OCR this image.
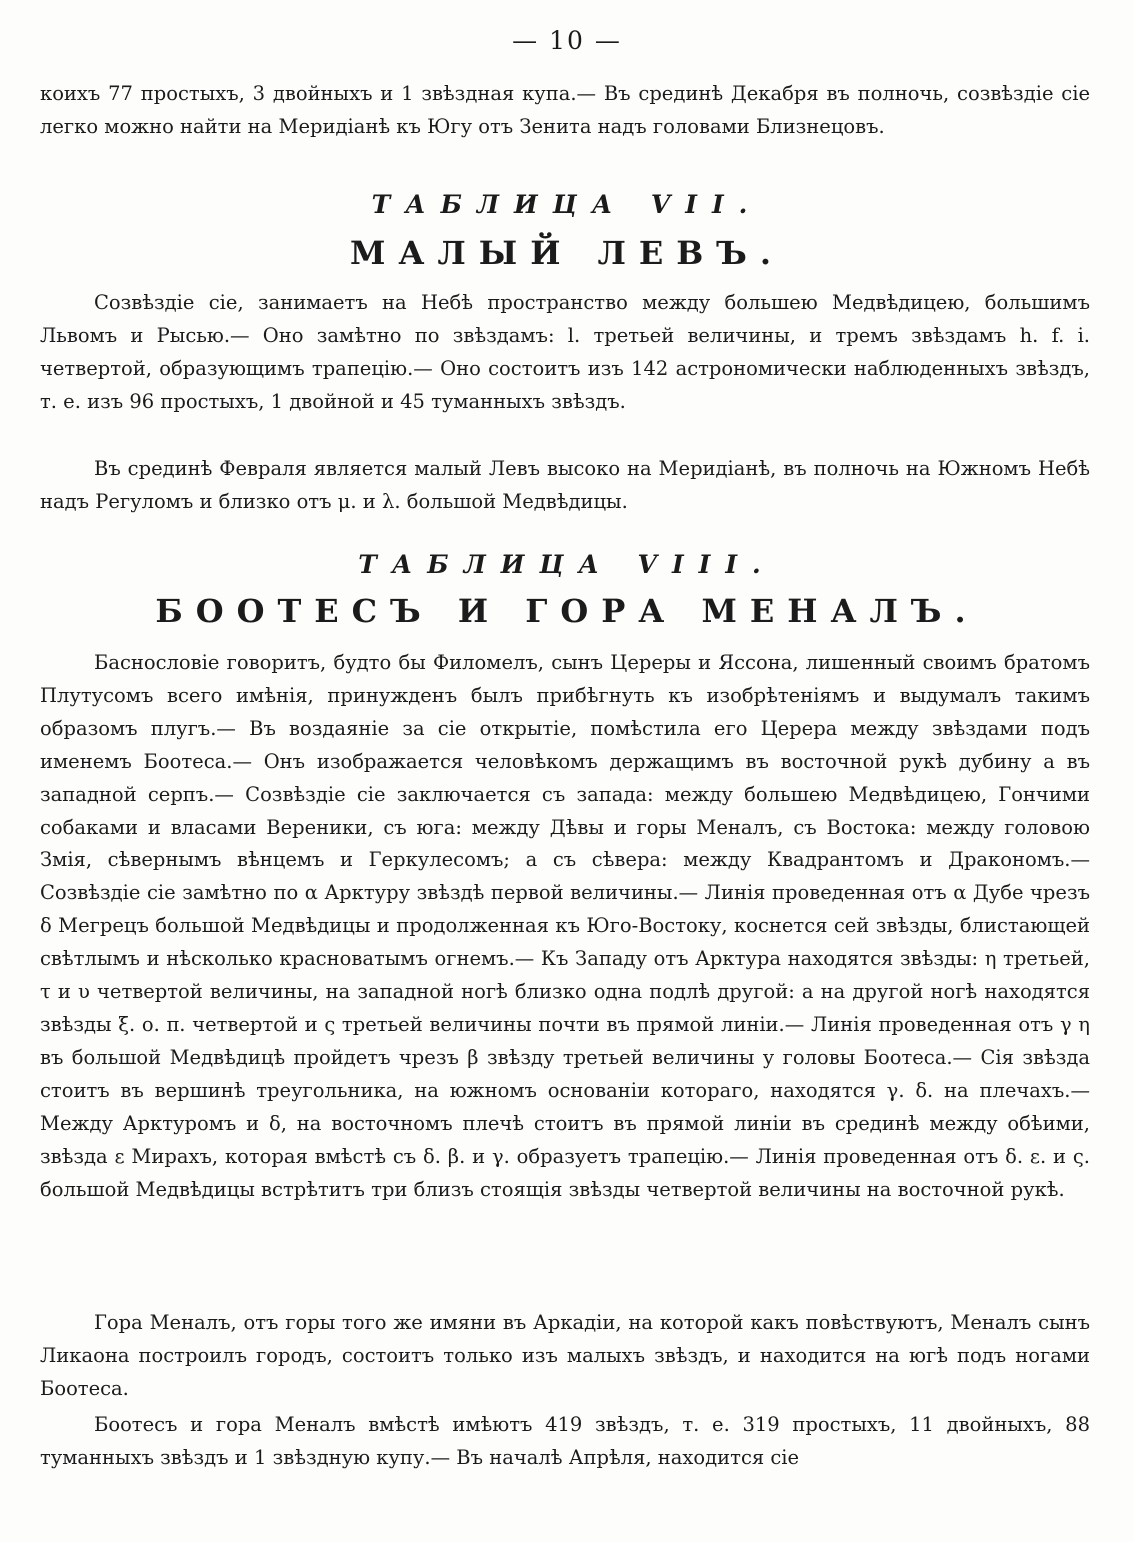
— 10 —

коихъ 77 простыхъ, 3 двойныхъ и 1 звѣздная купа.— Въ срединѣ Декабря въ полночь, созвѣздіе сіе легко можно найти на Меридіанѣ къ Югу отъ Зенита надъ головами Близнецовъ.

ТАБЛИЦА VII.
МАЛЫЙ ЛЕВЪ.

Созвѣздіе сіе, занимаетъ на Небѣ пространство между большею Медвѣдицею, большимъ Львомъ и Рысью.— Оно замѣтно по звѣздамъ: l. третьей величины, и тремъ звѣздамъ h. f. i. четвертой, образующимъ трапецію.— Оно состоитъ изъ 142 астрономически наблюденныхъ звѣздъ, т. е. изъ 96 простыхъ, 1 двойной и 45 туманныхъ звѣздъ.

Въ срединѣ Февраля является малый Левъ высоко на Меридіанѣ, въ полночь на Южномъ Небѣ надъ Регуломъ и близко отъ μ. и λ. большой Медвѣдицы.

ТАБЛИЦА VIII.
БООТЕСЪ И ГОРА МЕНАЛЪ.

Баснословіе говоритъ, будто бы Филомелъ, сынъ Цереры и Яссона, лишенный своимъ братомъ Плутусомъ всего имѣнія, принужденъ былъ прибѣгнуть къ изобрѣтеніямъ и выдумалъ такимъ образомъ плугъ.— Въ воздаяніе за сіе открытіе, помѣстила его Церера между звѣздами подъ именемъ Боотеса.— Онъ изображается человѣкомъ держащимъ въ восточной рукѣ дубину а въ западной серпъ.— Созвѣздіе сіе заключается съ запада: между большею Медвѣдицею, Гончими собаками и власами Вереники, съ юга: между Дѣвы и горы Меналъ, съ Востока: между головою Змія, сѣвернымъ вѣнцемъ и Геркулесомъ; а съ сѣвера: между Квадрантомъ и Дракономъ.— Созвѣздіе сіе замѣтно по α Арктуру звѣздѣ первой величины.— Линія проведенная отъ α Дубе чрезъ δ Мегрецъ большой Медвѣдицы и продолженная къ Юго-Востоку, коснется сей звѣзды, блистающей свѣтлымъ и нѣсколько красноватымъ огнемъ.— Къ Западу отъ Арктура находятся звѣзды: η третьей, τ и υ четвертой величины, на западной ногѣ близко одна подлѣ другой: а на другой ногѣ находятся звѣзды ξ. ο. π. четвертой и ς третьей величины почти въ прямой линіи.— Линія проведенная отъ γ η въ большой Медвѣдицѣ пройдетъ чрезъ β звѣзду третьей величины у головы Боотеса.— Сія звѣзда стоитъ въ вершинѣ треугольника, на южномъ основаніи котораго, находятся γ. δ. на плечахъ.— Между Арктуромъ и δ, на восточномъ плечѣ стоитъ въ прямой линіи въ срединѣ между обѣими, звѣзда ε Мирахъ, которая вмѣстѣ съ δ. β. и γ. образуетъ трапецію.— Линія проведенная отъ δ. ε. и ς. большой Медвѣдицы встрѣтитъ три близъ стоящія звѣзды четвертой величины на восточной рукѣ.

Гора Меналъ, отъ горы того же имяни въ Аркадіи, на которой какъ повѣствуютъ, Меналъ сынъ Ликаона построилъ городъ, состоитъ только изъ малыхъ звѣздъ, и находится на югѣ подъ ногами Боотеса.

Боотесъ и гора Меналъ вмѣстѣ имѣютъ 419 звѣздъ, т. е. 319 простыхъ, 11 двойныхъ, 88 туманныхъ звѣздъ и 1 звѣздную купу.— Въ началѣ Апрѣля, находится сіе
